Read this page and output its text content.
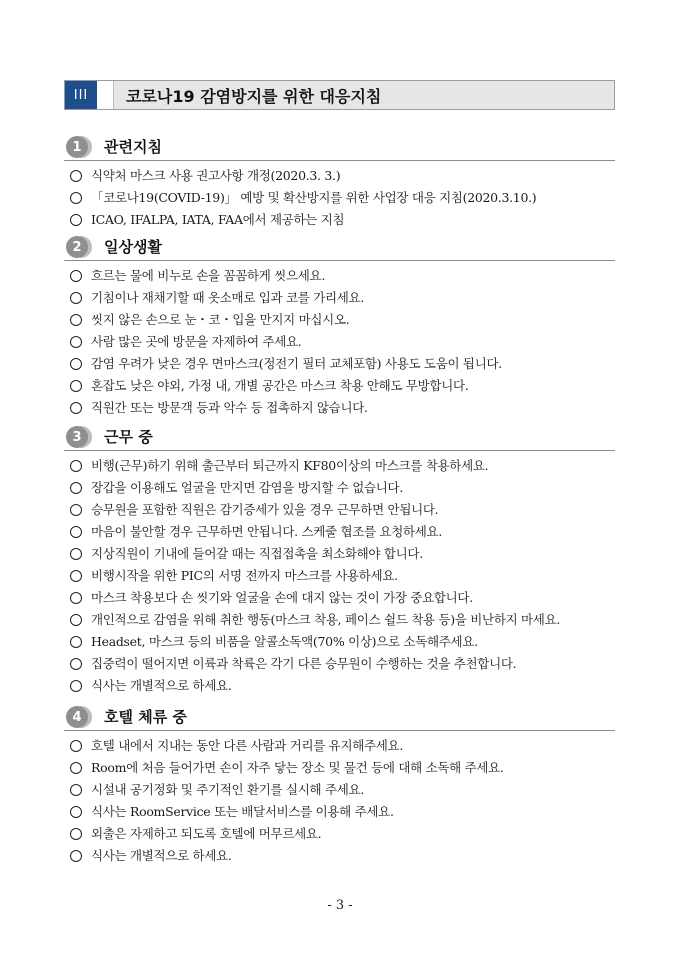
III	코로나19 감염방지를 위한 대응지침
1	관련지침
식약처 마스크 사용 권고사항 개정(2020.3. 3.)
「코로나19(COVID-19)」 예방 및 확산방지를 위한 사업장 대응 지침(2020.3.10.)
ICAO, IFALPA, IATA, FAA에서 제공하는 지침
2	일상생활
흐르는 물에 비누로 손을 꼼꼼하게 씻으세요.
기침이나 재채기할 때 옷소매로 입과 코를 가리세요.
씻지 않은 손으로 눈・코・입을 만지지 마십시오.
사람 많은 곳에 방문을 자제하여 주세요.
감염 우려가 낮은 경우 면마스크(정전기 필터 교체포함) 사용도 도움이 됩니다.
혼잡도 낮은 야외, 가정 내, 개별 공간은 마스크 착용 안해도 무방합니다.
직원간 또는 방문객 등과 악수 등 접촉하지 않습니다.
3	근무 중
비행(근무)하기 위해 출근부터 퇴근까지 KF80이상의 마스크를 착용하세요.
장갑을 이용해도 얼굴을 만지면 감염을 방지할 수 없습니다.
승무원을 포함한 직원은 감기증세가 있을 경우 근무하면 안됩니다.
마음이 불안할 경우 근무하면 안됩니다. 스케줄 협조를 요청하세요.
지상직원이 기내에 들어갈 때는 직접접촉을 최소화해야 합니다.
비행시작을 위한 PIC의 서명 전까지 마스크를 사용하세요.
마스크 착용보다 손 씻기와 얼굴을 손에 대지 않는 것이 가장 중요합니다.
개인적으로 감염을 위해 취한 행동(마스크 착용, 페이스 쉴드 착용 등)을 비난하지 마세요.
Headset, 마스크 등의 비품을 알콜소독액(70% 이상)으로 소독해주세요.
집중력이 떨어지면 이륙과 착륙은 각기 다른 승무원이 수행하는 것을 추천합니다.
식사는 개별적으로 하세요.
4	호텔 체류 중
호텔 내에서 지내는 동안 다른 사람과 거리를 유지해주세요.
Room에 처음 들어가면 손이 자주 닿는 장소 및 물건 등에 대해 소독해 주세요.
시설내 공기정화 및 주기적인 환기를 실시해 주세요.
식사는 RoomService 또는 배달서비스를 이용해 주세요.
외출은 자제하고 되도록 호텔에 머무르세요.
식사는 개별적으로 하세요.
- 3 -
